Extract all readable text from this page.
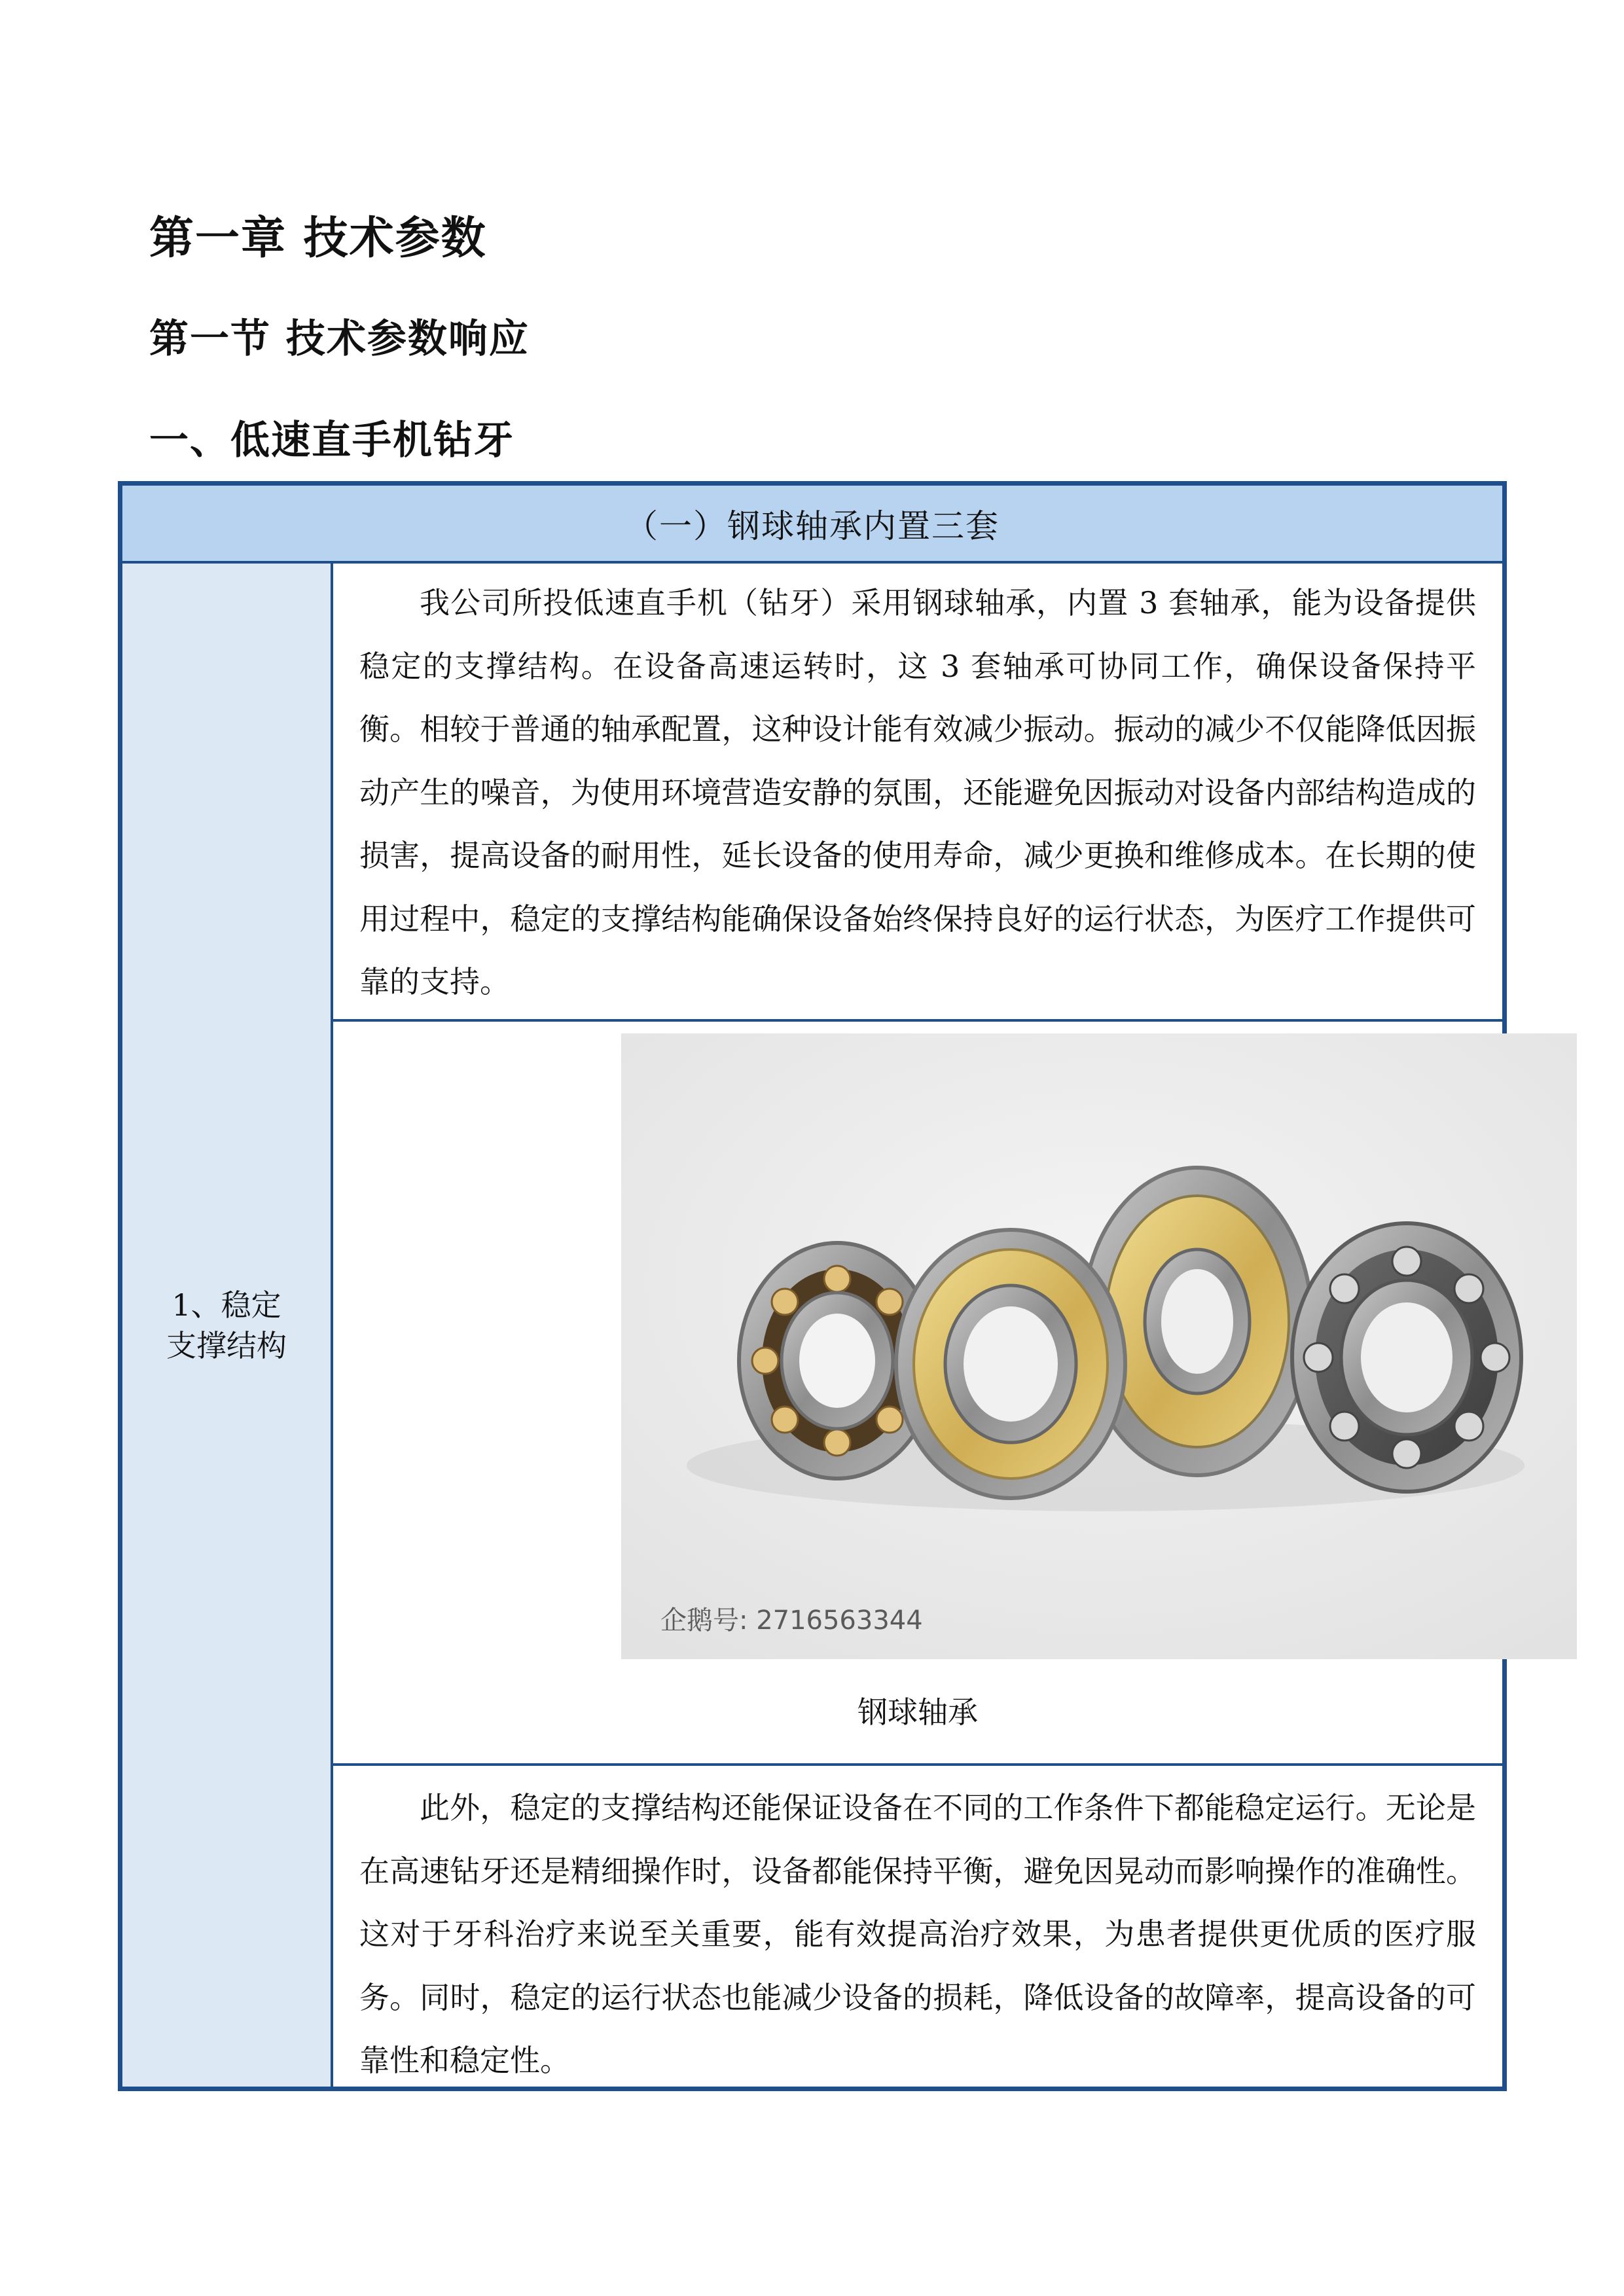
第一章 技术参数
第一节 技术参数响应
一、低速直手机钻牙
（一）钢球轴承内置三套
1、稳定支撑结构

我公司所投低速直手机（钻牙）采用钢球轴承，内置 3 套轴承，能为设备提供稳定的支撑结构。在设备高速运转时，这 3 套轴承可协同工作，确保设备保持平衡。相较于普通的轴承配置，这种设计能有效减少振动。振动的减少不仅能降低因振动产生的噪音，为使用环境营造安静的氛围，还能避免因振动对设备内部结构造成的损害，提高设备的耐用性，延长设备的使用寿命，减少更换和维修成本。在长期的使用过程中，稳定的支撑结构能确保设备始终保持良好的运行状态，为医疗工作提供可靠的支持。

企鹅号: 2716563344
钢球轴承

此外，稳定的支撑结构还能保证设备在不同的工作条件下都能稳定运行。无论是在高速钻牙还是精细操作时，设备都能保持平衡，避免因晃动而影响操作的准确性。这对于牙科治疗来说至关重要，能有效提高治疗效果，为患者提供更优质的医疗服务。同时，稳定的运行状态也能减少设备的损耗，降低设备的故障率，提高设备的可靠性和稳定性。
